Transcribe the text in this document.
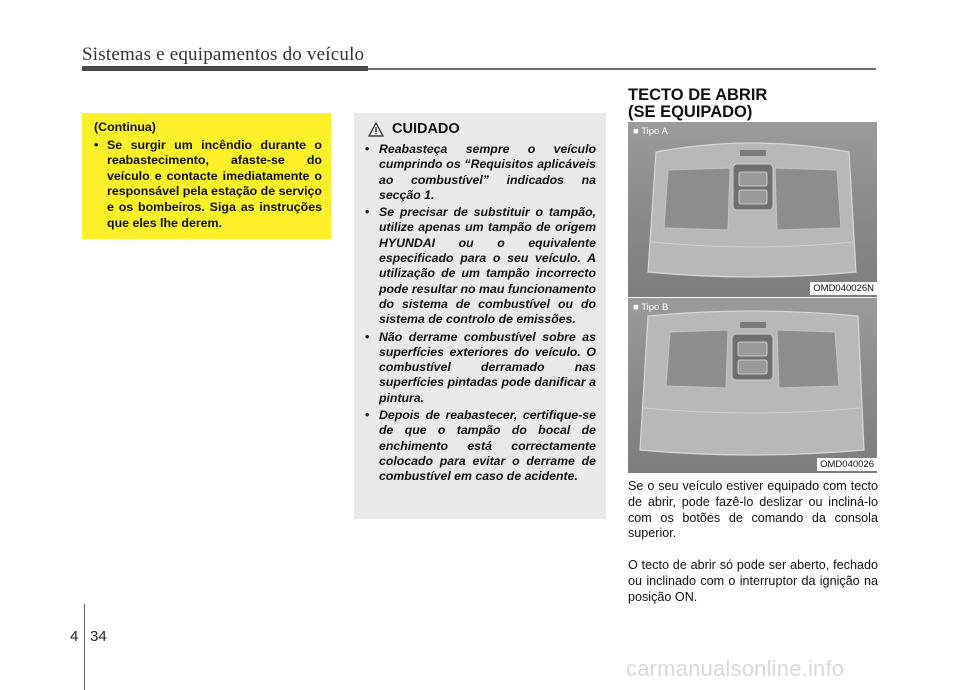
Sistemas e equipamentos do veículo
(Continua)
• Se surgir um incêndio durante o reabastecimento, afaste-se do veículo e contacte imediatamente o responsável pela estação de serviço e os bombeiros. Siga as instruções que eles lhe derem.
CUIDADO
• Reabasteça sempre o veículo cumprindo os “Requisitos aplicáveis ao combustível” indicados na secção 1.
• Se precisar de substituir o tampão, utilize apenas um tampão de origem HYUNDAI ou o equivalente especificado para o seu veículo. A utilização de um tampão incorrecto pode resultar no mau funcionamento do sistema de combustível ou do sistema de controlo de emissões.
• Não derrame combustível sobre as superfícies exteriores do veículo. O combustível derramado nas superfícies pintadas pode danificar a pintura.
• Depois de reabastecer, certifique-se de que o tampão do bocal de enchimento está correctamente colocado para evitar o derrame de combustível em caso de acidente.
TECTO DE ABRIR
(SE EQUIPADO)
■ Tipo A
OMD040026N
■ Tipo B
OMD040026
Se o seu veículo estiver equipado com tecto de abrir, pode fazê-lo deslizar ou incliná-lo com os botões de comando da consola superior.
O tecto de abrir só pode ser aberto, fechado ou inclinado com o interruptor da ignição na posição ON.
4 34
carmanualsonline.info
